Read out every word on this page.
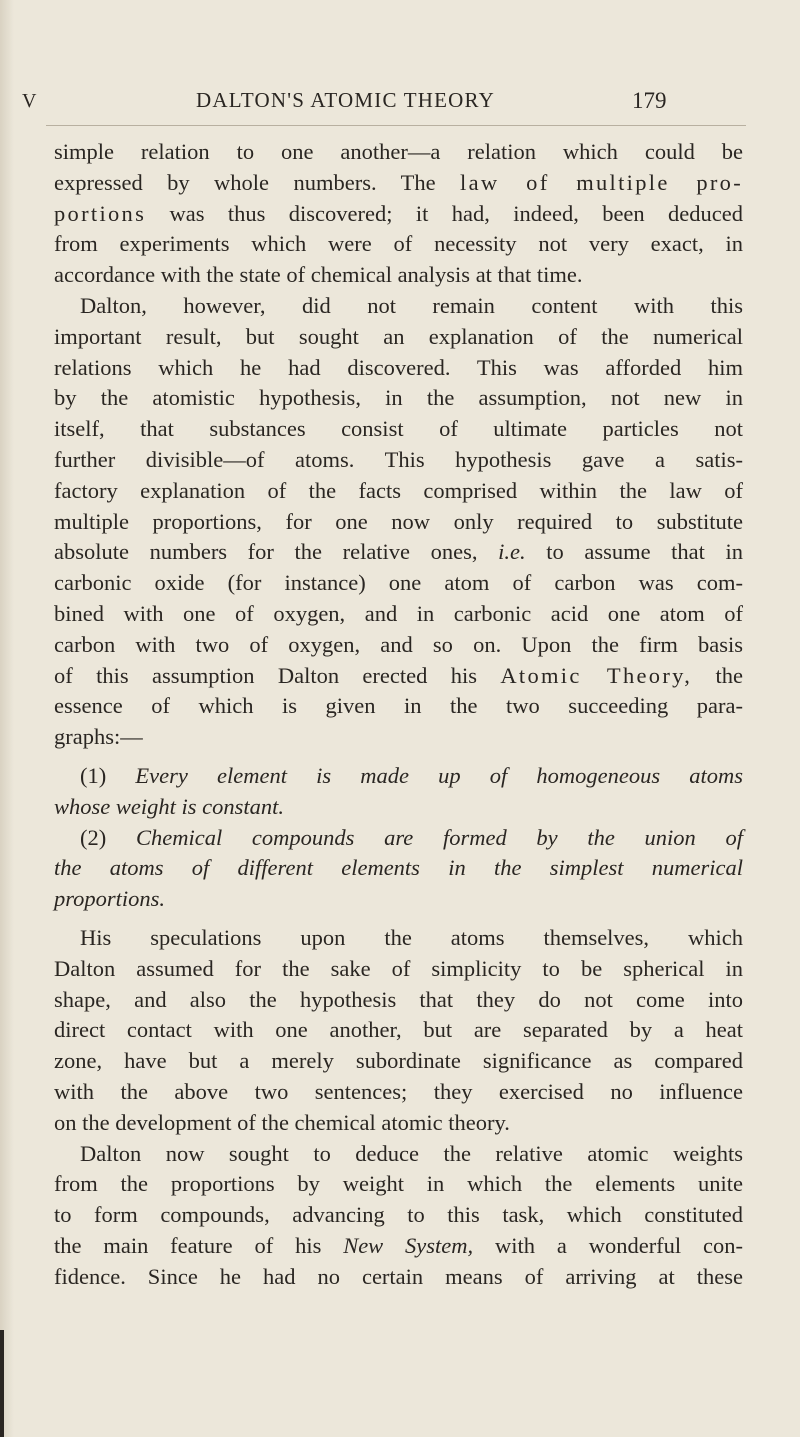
V	DALTON'S ATOMIC THEORY	179
simple relation to one another—a relation which could be
expressed by whole numbers. The law of multiple pro-
portions was thus discovered; it had, indeed, been deduced
from experiments which were of necessity not very exact, in
accordance with the state of chemical analysis at that time.
Dalton, however, did not remain content with this
important result, but sought an explanation of the numerical
relations which he had discovered. This was afforded him
by the atomistic hypothesis, in the assumption, not new in
itself, that substances consist of ultimate particles not
further divisible—of atoms. This hypothesis gave a satis-
factory explanation of the facts comprised within the law of
multiple proportions, for one now only required to substitute
absolute numbers for the relative ones, i.e. to assume that in
carbonic oxide (for instance) one atom of carbon was com-
bined with one of oxygen, and in carbonic acid one atom of
carbon with two of oxygen, and so on. Upon the firm basis
of this assumption Dalton erected his Atomic Theory, the
essence of which is given in the two succeeding para-
graphs:—
(1) Every element is made up of homogeneous atoms
whose weight is constant.
(2) Chemical compounds are formed by the union of
the atoms of different elements in the simplest numerical
proportions.
His speculations upon the atoms themselves, which
Dalton assumed for the sake of simplicity to be spherical in
shape, and also the hypothesis that they do not come into
direct contact with one another, but are separated by a heat
zone, have but a merely subordinate significance as compared
with the above two sentences; they exercised no influence
on the development of the chemical atomic theory.
Dalton now sought to deduce the relative atomic weights
from the proportions by weight in which the elements unite
to form compounds, advancing to this task, which constituted
the main feature of his New System, with a wonderful con-
fidence. Since he had no certain means of arriving at these
